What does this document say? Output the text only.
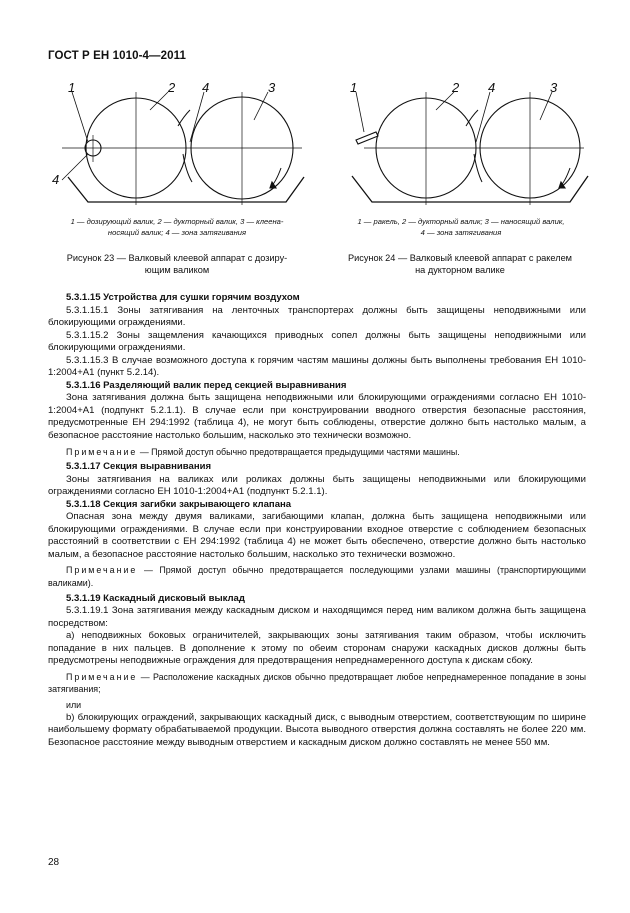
ГОСТ Р ЕН 1010-4—2011
1	2 4	3
4
1 — дозирующий валик, 2 — дукторный валик, 3 — клеена-
носящий валик; 4 — зона затягивания
Рисунок 23 — Валковый клеевой аппарат с дозиру-
ющим валиком
1	2 4	3
1 — ракель, 2 — дукторный валик; 3 — наносящий валик,
4 — зона затягивания
Рисунок 24 — Валковый клеевой аппарат с ракелем
на дукторном валике

5.3.1.15 Устройства для сушки горячим воздухом

5.3.1.15.1 Зоны затягивания на ленточных транспортерах должны быть защищены неподвижными или блокирующими ограждениями.

5.3.1.15.2 Зоны защемления качающихся приводных сопел должны быть защищены неподвижными или блокирующими ограждениями.

5.3.1.15.3 В случае возможного доступа к горячим частям машины должны быть выполнены требования ЕН 1010-1:2004+А1 (пункт 5.2.14).

5.3.1.16 Разделяющий валик перед секцией выравнивания

Зона затягивания должна быть защищена неподвижными или блокирующими ограждениями согласно ЕН 1010-1:2004+А1 (подпункт 5.2.1.1). В случае если при конструировании вводного отверстия безопасные расстояния, предусмотренные ЕН 294:1992 (таблица 4), не могут быть соблюдены, отверстие должно быть настолько малым, а безопасное расстояние настолько большим, насколько это технически возможно.

Примечание — Прямой доступ обычно предотвращается предыдущими частями машины.

5.3.1.17 Секция выравнивания

Зоны затягивания на валиках или роликах должны быть защищены неподвижными или блокирующими ограждениями согласно ЕН 1010-1:2004+А1 (подпункт 5.2.1.1).

5.3.1.18 Секция загибки закрывающего клапана

Опасная зона между двумя валиками, загибающими клапан, должна быть защищена неподвижными или блокирующими ограждениями. В случае если при конструировании входное отверстие с соблюдением безопасных расстояний в соответствии с ЕН 294:1992 (таблица 4) не может быть обеспечено, отверстие должно быть настолько малым, а безопасное расстояние настолько большим, насколько это технически возможно.

Примечание — Прямой доступ обычно предотвращается последующими узлами машины (транспортирующими валиками).

5.3.1.19 Каскадный дисковый выклад

5.3.1.19.1 Зона затягивания между каскадным диском и находящимся перед ним валиком должна быть защищена посредством:

а) неподвижных боковых ограничителей, закрывающих зоны затягивания таким образом, чтобы исключить попадание в них пальцев. В дополнение к этому по обеим сторонам снаружи каскадных дисков должны быть предусмотрены неподвижные ограждения для предотвращения непреднамеренного доступа к дискам сбоку.

Примечание — Расположение каскадных дисков обычно предотвращает любое непреднамеренное попадание в зоны затягивания;

или

b) блокирующих ограждений, закрывающих каскадный диск, с выводным отверстием, соответствующим по ширине наибольшему формату обрабатываемой продукции. Высота выводного отверстия должна составлять не более 220 мм. Безопасное расстояние между выводным отверстием и каскадным диском должно составлять не менее 550 мм.

28
